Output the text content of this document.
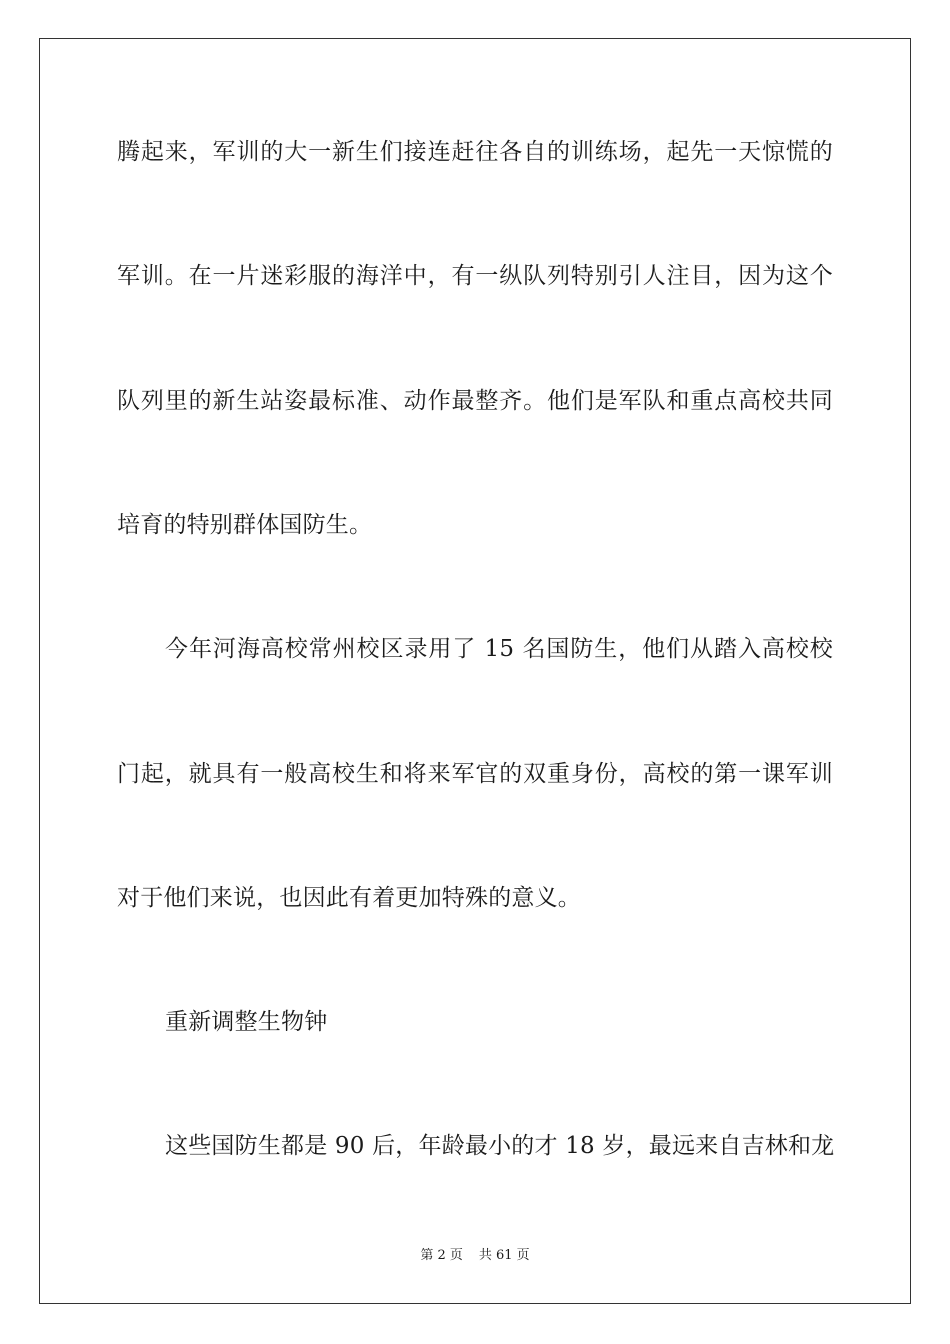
腾起来，军训的大一新生们接连赶往各自的训练场，起先一天惊慌的
军训。在一片迷彩服的海洋中，有一纵队列特别引人注目，因为这个
队列里的新生站姿最标准、动作最整齐。他们是军队和重点高校共同
培育的特别群体国防生。
今年河海高校常州校区录用了 15 名国防生，他们从踏入高校校
门起，就具有一般高校生和将来军官的双重身份，高校的第一课军训
对于他们来说，也因此有着更加特殊的意义。
重新调整生物钟
这些国防生都是 90 后，年龄最小的才 18 岁，最远来自吉林和龙
第 2 页 共 61 页
